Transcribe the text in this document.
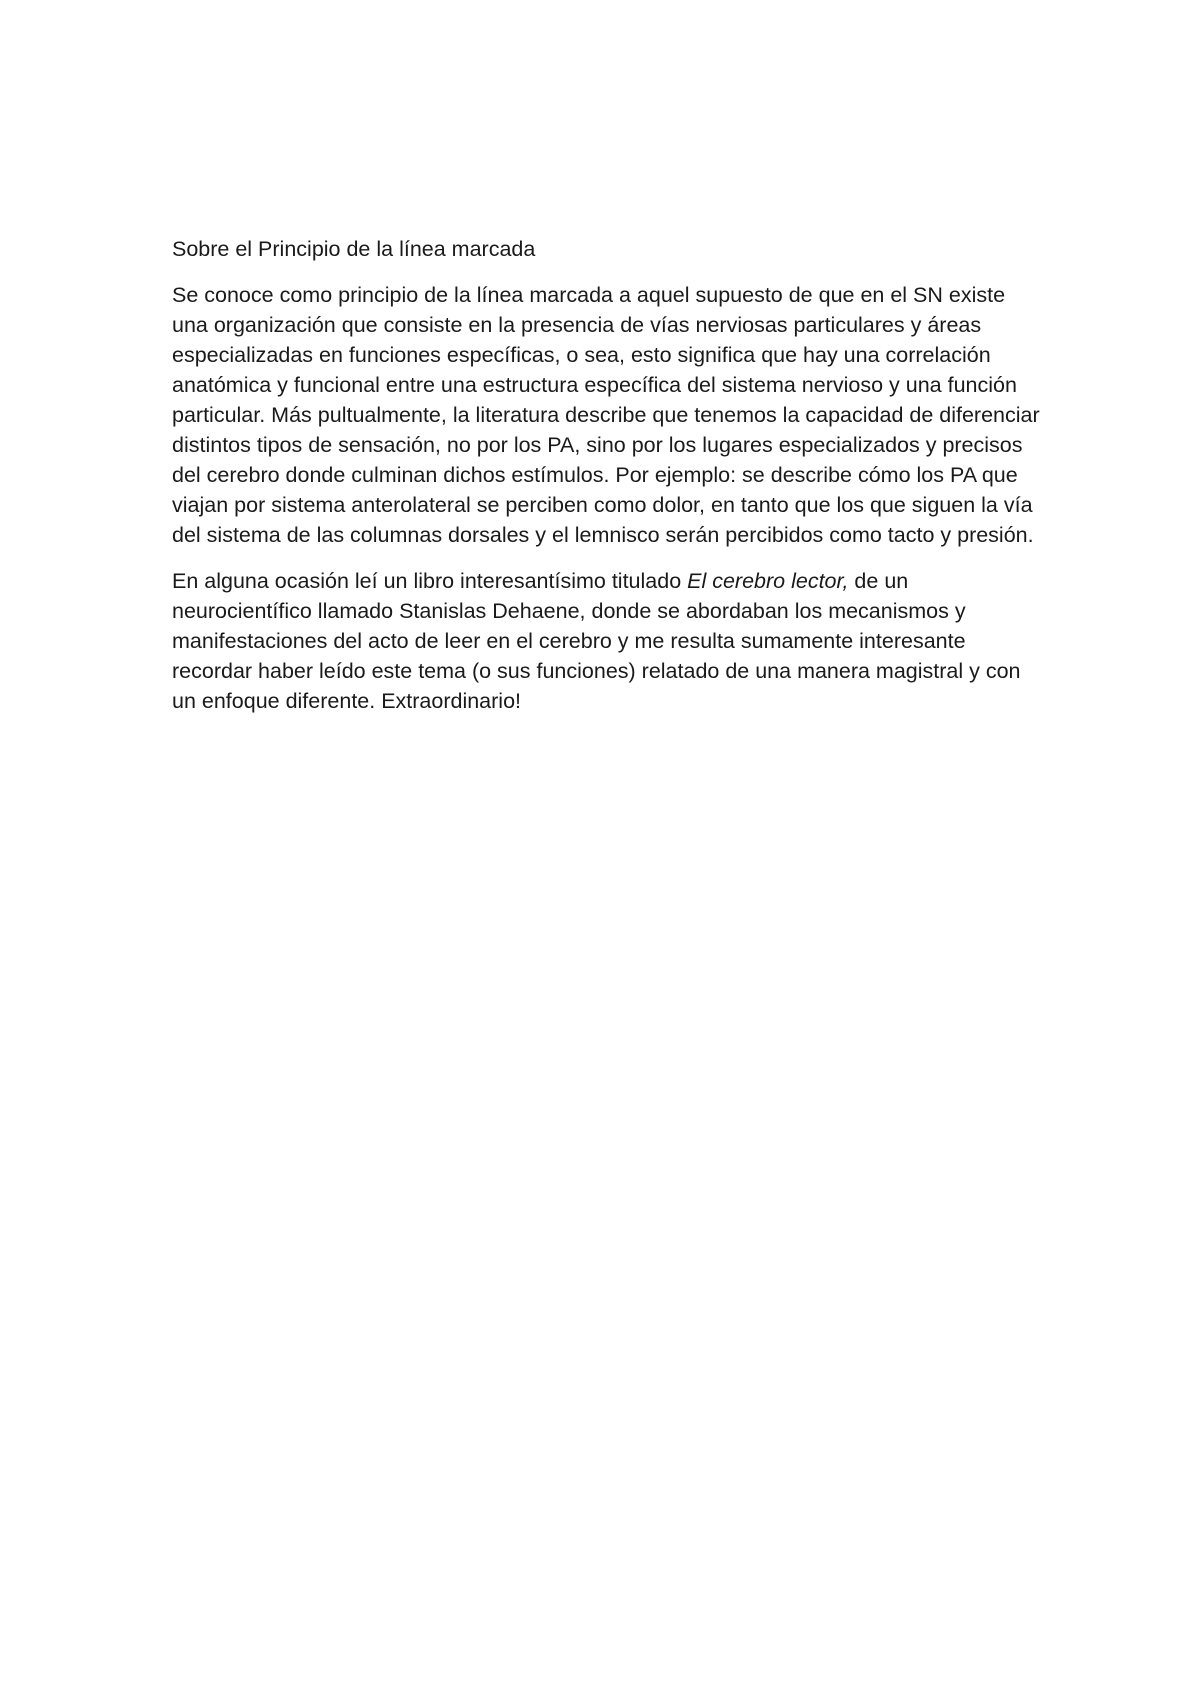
Sobre el Principio de la línea marcada

Se conoce como principio de la línea marcada a aquel supuesto de que en el SN existe una organización que consiste en la presencia de vías nerviosas particulares y áreas especializadas en funciones específicas, o sea, esto significa que hay una correlación anatómica y funcional entre una estructura específica del sistema nervioso y una función particular. Más pultualmente, la literatura describe que tenemos la capacidad de diferenciar distintos tipos de sensación, no por los PA, sino por los lugares especializados y precisos del cerebro donde culminan dichos estímulos. Por ejemplo: se describe cómo los PA que viajan por sistema anterolateral se perciben como dolor, en tanto que los que siguen la vía del sistema de las columnas dorsales y el lemnisco serán percibidos como tacto y presión.

En alguna ocasión leí un libro interesantísimo titulado El cerebro lector, de un neurocientífico llamado Stanislas Dehaene, donde se abordaban los mecanismos y manifestaciones del acto de leer en el cerebro y me resulta sumamente interesante recordar haber leído este tema (o sus funciones) relatado de una manera magistral y con un enfoque diferente. Extraordinario!
